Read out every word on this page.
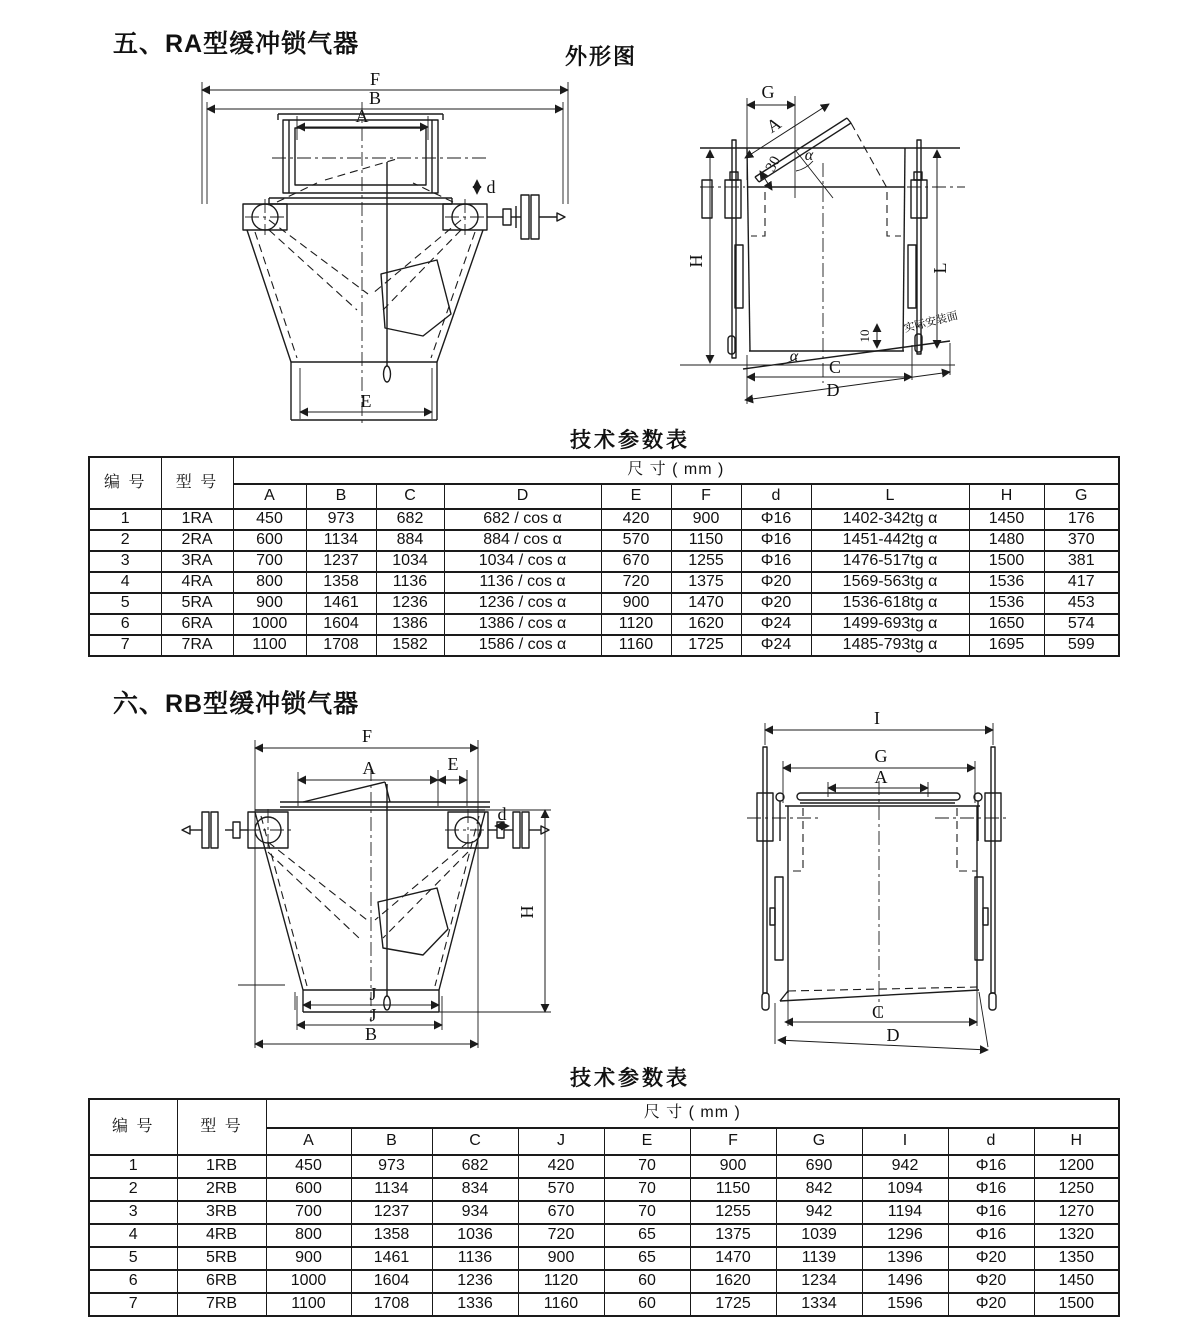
五、RA型缓冲锁气器	外形图
F
B
A
d
E
G
A
30 α
H
L
10
实际安装面
α
C
D
技术参数表
编 号	型 号	尺 寸 ( mm )									
		A	B	C	D	E	F	d	L	H	G
1	1RA	450	973	682	682 / cos α	420	900	Φ16	1402-342tg α	1450	176
2	2RA	600	1134	884	884 / cos α	570	1150	Φ16	1451-442tg α	1480	370
3	3RA	700	1237	1034	1034 / cos α	670	1255	Φ16	1476-517tg α	1500	381
4	4RA	800	1358	1136	1136 / cos α	720	1375	Φ20	1569-563tg α	1536	417
5	5RA	900	1461	1236	1236 / cos α	900	1470	Φ20	1536-618tg α	1536	453
6	6RA	1000	1604	1386	1386 / cos α	1120	1620	Φ24	1499-693tg α	1650	574
7	7RA	1100	1708	1582	1586 / cos α	1160	1725	Φ24	1485-793tg α	1695	599
六、RB型缓冲锁气器
F
A	E
d
H
J
J
B
I
G
A
C
D
技术参数表
编 号	型 号	尺 寸 ( mm )									
		A	B	C	J	E	F	G	I	d	H
1	1RB	450	973	682	420	70	900	690	942	Φ16	1200
2	2RB	600	1134	834	570	70	1150	842	1094	Φ16	1250
3	3RB	700	1237	934	670	70	1255	942	1194	Φ16	1270
4	4RB	800	1358	1036	720	65	1375	1039	1296	Φ16	1320
5	5RB	900	1461	1136	900	65	1470	1139	1396	Φ20	1350
6	6RB	1000	1604	1236	1120	60	1620	1234	1496	Φ20	1450
7	7RB	1100	1708	1336	1160	60	1725	1334	1596	Φ20	1500
